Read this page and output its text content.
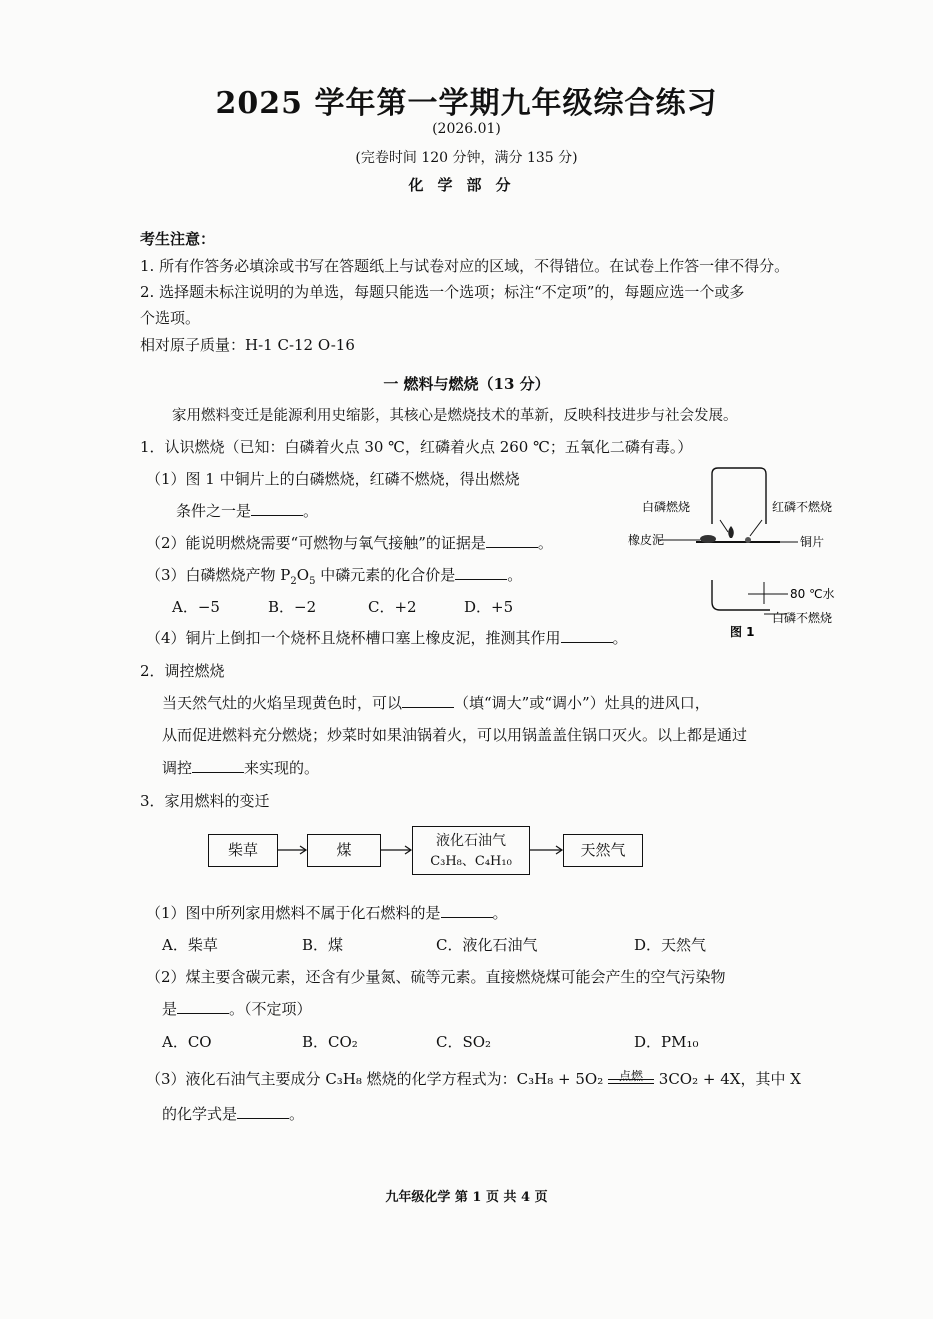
2025 学年第一学期九年级综合练习
(2026.01)
(完卷时间 120 分钟，满分 135 分)
化学部分
考生注意：
1. 所有作答务必填涂或书写在答题纸上与试卷对应的区域，不得错位。在试卷上作答一律不得分。
2. 选择题未标注说明的为单选，每题只能选一个选项；标注“不定项”的，每题应选一个或多
个选项。
相对原子质量：H-1 C-12 O-16
一 燃料与燃烧（13 分）
家用燃料变迁是能源利用史缩影，其核心是燃烧技术的革新，反映科技进步与社会发展。
1．认识燃烧（已知：白磷着火点 30 ℃，红磷着火点 260 ℃；五氧化二磷有毒。）
（1）图 1 中铜片上的白磷燃烧，红磷不燃烧，得出燃烧
条件之一是	。
（2）能说明燃烧需要“可燃物与氧气接触”的证据是	。
（3）白磷燃烧产物 $P_2O_5$ 中磷元素的化合价是	。
A．−5	B．−2	C．+2	D．+5
（4）铜片上倒扣一个烧杯且烧杯槽口塞上橡皮泥，推测其作用	。
白磷燃烧	红磷不燃烧
橡皮泥	铜片
80 ℃水
白磷不燃烧
图 1
2．调控燃烧
当天然气灶的火焰呈现黄色时，可以	（填“调大”或“调小”）灶具的进风口，
从而促进燃料充分燃烧；炒菜时如果油锅着火，可以用锅盖盖住锅口灭火。以上都是通过
调控	来实现的。
3．家用燃料的变迁
柴草	煤	液化石油气
C₃H₈、C₄H₁₀
天然气
（1）图中所列家用燃料不属于化石燃料的是	。
A．柴草	B．煤	C．液化石油气	D．天然气
（2）煤主要含碳元素，还含有少量氮、硫等元素。直接燃烧煤可能会产生的空气污染物
是	。（不定项）
A．CO	B．CO₂	C．SO₂	D．PM₁₀
（3）液化石油气主要成分 C₃H₈ 燃烧的化学方程式为：C₃H₈ + 5O₂	点燃	3CO₂ + 4X，其中 X
的化学式是	。
九年级化学 第 1 页 共 4 页
